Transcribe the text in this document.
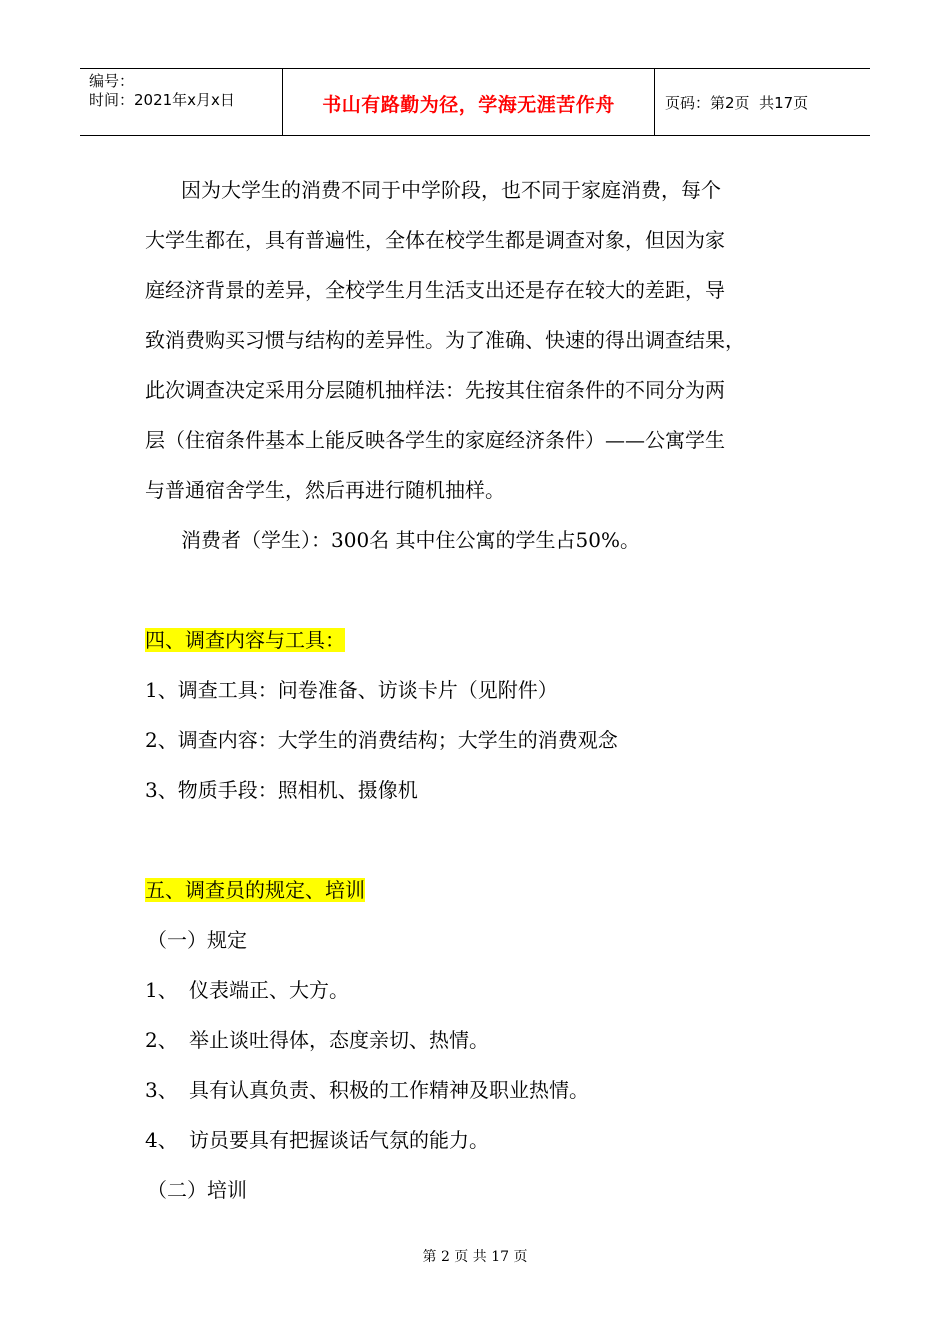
编号：
时间：2021年x月x日	书山有路勤为径，学海无涯苦作舟	页码：第2页  共17页
因为大学生的消费不同于中学阶段，也不同于家庭消费，每个
大学生都在，具有普遍性，全体在校学生都是调查对象，但因为家
庭经济背景的差异，全校学生月生活支出还是存在较大的差距，导
致消费购买习惯与结构的差异性。为了准确、快速的得出调查结果，
此次调查决定采用分层随机抽样法：先按其住宿条件的不同分为两
层（住宿条件基本上能反映各学生的家庭经济条件）——公寓学生
与普通宿舍学生，然后再进行随机抽样。
消费者（学生）：300名 其中住公寓的学生占50%。
四、调查内容与工具：
1、调查工具：问卷准备、访谈卡片（见附件）
2、调查内容：大学生的消费结构；大学生的消费观念
3、物质手段：照相机、摄像机
五、调查员的规定、培训
（一）规定
1、 仪表端正、大方。
2、 举止谈吐得体，态度亲切、热情。
3、 具有认真负责、积极的工作精神及职业热情。
4、 访员要具有把握谈话气氛的能力。
（二）培训
第 2 页 共 17 页
